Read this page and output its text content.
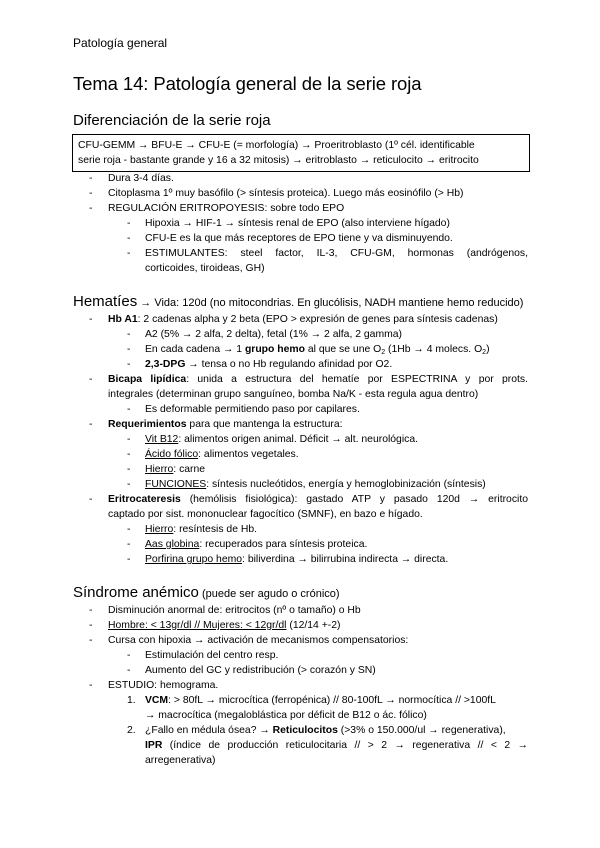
Patología general
Tema 14: Patología general de la serie roja
Diferenciación de la serie roja
CFU-GEMM → BFU-E → CFU-E (= morfología) → Proeritroblasto (1º cél. identificable
serie roja - bastante grande y 16 a 32 mitosis) → eritroblasto → reticulocito → eritrocito
- Dura 3-4 días.
- Citoplasma 1º muy basófilo (> síntesis proteica). Luego más eosinófilo (> Hb)
- REGULACIÓN ERITROPOYESIS: sobre todo EPO
- Hipoxia → HIF-1 → síntesis renal de EPO (also interviene hígado)
- CFU-E es la que más receptores de EPO tiene y va disminuyendo.
- ESTIMULANTES: steel factor, IL-3, CFU-GM, hormonas (andrógenos,
corticoides, tiroideas, GH)
Hematíes → Vida: 120d (no mitocondrias. En glucólisis, NADH mantiene hemo reducido)
- Hb A1: 2 cadenas alpha y 2 beta (EPO > expresión de genes para síntesis cadenas)
- A2 (5% → 2 alfa, 2 delta), fetal (1% → 2 alfa, 2 gamma)
- En cada cadena → 1 grupo hemo al que se une $O_2$ (1Hb → 4 molecs. $O_2$)
- 2,3-DPG → tensa o no Hb regulando afinidad por O2.
- Bicapa lipídica: unida a estructura del hematíe por ESPECTRINA y por prots.
integrales (determinan grupo sanguíneo, bomba Na/K - esta regula agua dentro)
- Es deformable permitiendo paso por capilares.
- Requerimientos para que mantenga la estructura:
- Vit B12: alimentos origen animal. Déficit → alt. neurológica.
- Ácido fólico: alimentos vegetales.
- Hierro: carne
- FUNCIONES: síntesis nucleótidos, energía y hemoglobinización (síntesis)
- Eritrocateresis (hemólisis fisiológica): gastado ATP y pasado 120d → eritrocito
captado por sist. mononuclear fagocítico (SMNF), en bazo e hígado.
- Hierro: resíntesis de Hb.
- Aas globina: recuperados para síntesis proteica.
- Porfirina grupo hemo: biliverdina → bilirrubina indirecta → directa.
Síndrome anémico (puede ser agudo o crónico)
- Disminución anormal de: eritrocitos (nº o tamaño) o Hb
- Hombre: < 13gr/dl // Mujeres: < 12gr/dl (12/14 +-2)
- Cursa con hipoxia → activación de mecanismos compensatorios:
- Estimulación del centro resp.
- Aumento del GC y redistribución (> corazón y SN)
- ESTUDIO: hemograma.
1. VCM: > 80fL → microcítica (ferropénica) // 80-100fL → normocítica // >100fL
→ macrocítica (megaloblástica por déficit de B12 o ác. fólico)
2. ¿Fallo en médula ósea? → Reticulocitos (>3% o 150.000/ul → regenerativa),
IPR (índice de producción reticulocitaria // > 2 → regenerativa // < 2 →
arregenerativa)
